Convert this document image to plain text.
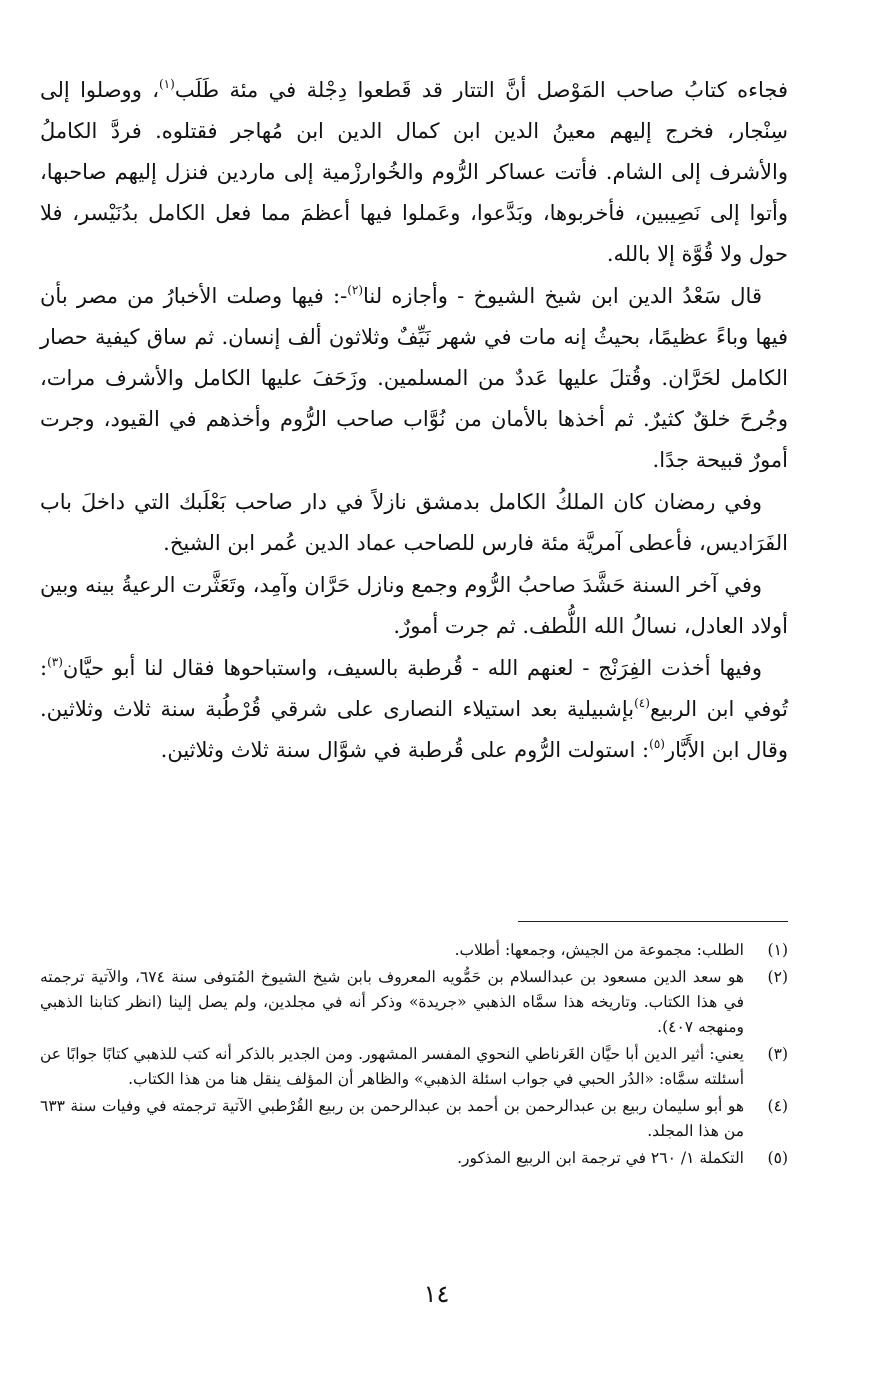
فجاءه كتابُ صاحب المَوْصل أنَّ التتار قد قَطعوا دِجْلة في مئة طَلَب$^{(١)}$، ووصلوا إلى سِنْجار، فخرج إليهم معينُ الدين ابن كمال الدين ابن مُهاجر فقتلوه. فردَّ الكاملُ والأشرف إلى الشام. فأتت عساكر الرُّوم والخُوارزْمية إلى ماردين فنزل إليهم صاحبها، وأتوا إلى نَصِيبين، فأخربوها، وبَدَّعوا، وعَملوا فيها أعظمَ مما فعل الكامل بدُنَيْسر، فلا حول ولا قُوَّة إلا بالله.

قال سَعْدُ الدين ابن شيخ الشيوخ - وأجازه لنا$^{(٢)}$-: فيها وصلت الأخبارُ من مصر بأن فيها وباءً عظيمًا، بحيثُ إنه مات في شهر نَيِّفٌ وثلاثون ألف إنسان. ثم ساق كيفية حصار الكامل لحَرَّان. وقُتلَ عليها عَددٌ من المسلمين. وزَحَفَ عليها الكامل والأشرف مرات، وجُرحَ خلقٌ كثيرٌ. ثم أخذها بالأمان من نُوَّاب صاحب الرُّوم وأخذهم في القيود، وجرت أمورٌ قبيحة جدًا.

وفي رمضان كان الملكُ الكامل بدمشق نازلاً في دار صاحب بَعْلَبك التي داخلَ باب الفَرَاديس، فأعطى آمريَّة مئة فارس للصاحب عماد الدين عُمر ابن الشيخ.

وفي آخر السنة حَشَّدَ صاحبُ الرُّوم وجمع ونازل حَرَّان وآمِد، وتَعَثَّرت الرعيةُ بينه وبين أولاد العادل، نسالُ الله اللُّطف. ثم جرت أمورٌ.

وفيها أخذت الفِرَنْج - لعنهم الله - قُرطبة بالسيف، واستباحوها فقال لنا أبو حيَّان$^{(٣)}$: تُوفي ابن الربيع$^{(٤)}$بإشبيلية بعد استيلاء النصارى على شرقي قُرْطُبة سنة ثلاث وثلاثين. وقال ابن الأَبَّار$^{(٥)}$: استولت الرُّوم على قُرطبة في شوَّال سنة ثلاث وثلاثين.

(١)
الطلب: مجموعة من الجيش، وجمعها: أطلاب.
(٢)
هو سعد الدين مسعود بن عبدالسلام بن حَمُّويه المعروف بابن شيخ الشيوخ المُتوفى سنة ٦٧٤، والآتية ترجمته في هذا الكتاب. وتاريخه هذا سمَّاه الذهبي «جريدة» وذكر أنه في مجلدين، ولم يصل إلينا (انظر كتابنا الذهبي ومنهجه ٤٠٧).
(٣)
يعني: أثير الدين أبا حيَّان الغَرناطي النحوي المفسر المشهور. ومن الجدير بالذكر أنه كتب للذهبي كتابًا جوابًا عن أسئلته سمَّاه: «الدُر الحبي في جواب اسئلة الذهبي» والظاهر أن المؤلف ينقل هنا من هذا الكتاب.
(٤)
هو أبو سليمان ربيع بن عبدالرحمن بن أحمد بن عبدالرحمن بن ربيع القُرْطبي الآتية ترجمته في وفيات سنة ٦٣٣ من هذا المجلد.
(٥)
التكملة ١/ ٢٦٠ في ترجمة ابن الربيع المذكور.
١٤
